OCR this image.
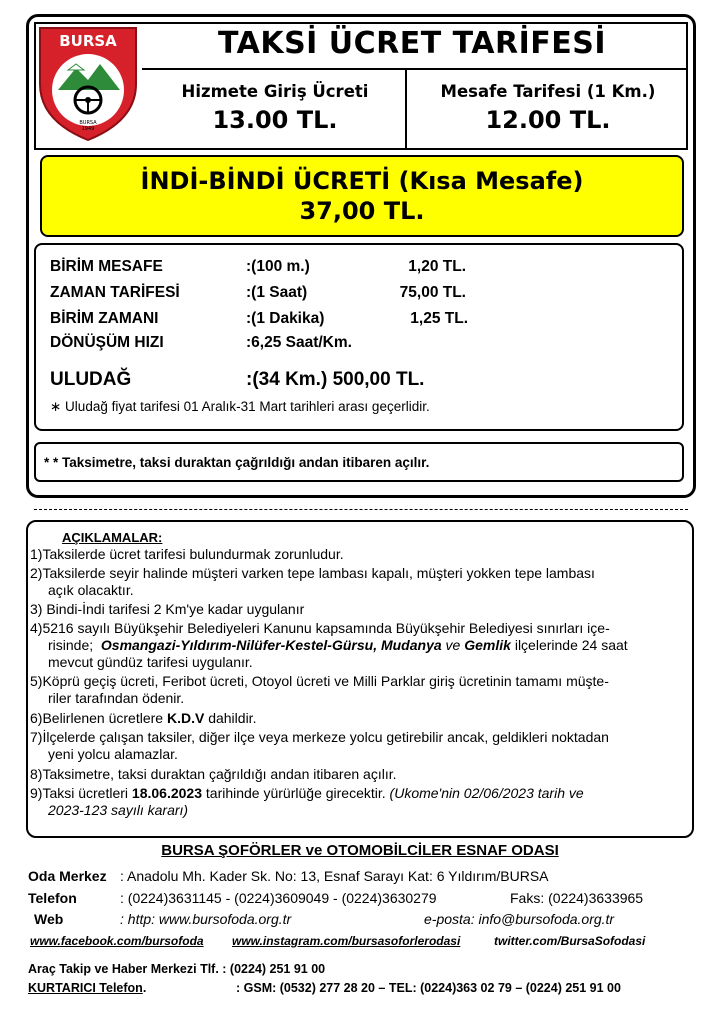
BURSA
BURSA
1949
TAKSİ ÜCRET TARİFESİ
Hizmete Giriş Ücreti
13.00 TL.
Mesafe Tarifesi (1 Km.)
12.00 TL.
İNDİ-BİNDİ ÜCRETİ (Kısa Mesafe)
37,00 TL.
BİRİM MESAFE	:(100 m.)	1,20 TL.
ZAMAN TARİFESİ	:(1 Saat)	75,00 TL.
BİRİM ZAMANI	:(1 Dakika)	1,25 TL.
DÖNÜŞÜM HIZI	:6,25 Saat/Km.
ULUDAĞ	:(34 Km.) 500,00 TL.
∗ Uludağ fiyat tarifesi 01 Aralık-31 Mart tarihleri arası geçerlidir.
* * Taksimetre, taksi duraktan çağrıldığı andan itibaren açılır.
AÇIKLAMALAR:
1)Taksilerde ücret tarifesi bulundurmak zorunludur.
2)Taksilerde seyir halinde müşteri varken tepe lambası kapalı, müşteri yokken tepe lambası
açık olacaktır.
3) Bindi-İndi tarifesi 2 Km'ye kadar uygulanır
4)5216 sayılı Büyükşehir Belediyeleri Kanunu kapsamında Büyükşehir Belediyesi sınırları içe-
risinde; Osmangazi-Yıldırım-Nilüfer-Kestel-Gürsu, Mudanya ve Gemlik ilçelerinde 24 saat
mevcut gündüz tarifesi uygulanır.
5)Köprü geçiş ücreti, Feribot ücreti, Otoyol ücreti ve Milli Parklar giriş ücretinin tamamı müşte-
riler tarafından ödenir.
6)Belirlenen ücretlere K.D.V dahildir.
7)İlçelerde çalışan taksiler, diğer ilçe veya merkeze yolcu getirebilir ancak, geldikleri noktadan
yeni yolcu alamazlar.
8)Taksimetre, taksi duraktan çağrıldığı andan itibaren açılır.
9)Taksi ücretleri 18.06.2023 tarihinde yürürlüğe girecektir. (Ukome'nin 02/06/2023 tarih ve
2023-123 sayılı kararı)
BURSA ŞOFÖRLER ve OTOMOBİLCİLER ESNAF ODASI
Oda Merkez : Anadolu Mh. Kader Sk. No: 13, Esnaf Sarayı Kat: 6 Yıldırım/BURSA
Telefon	: (0224)3631145 - (0224)3609049 - (0224)3630279	Faks: (0224)3633965
Web	: http: www.bursofoda.org.tr	e-posta: info@bursofoda.org.tr
www.facebook.com/bursofoda www.instagram.com/bursasoforlerodasi	twitter.com/BursaSofodasi
Araç Takip ve Haber Merkezi Tlf. : (0224) 251 91 00
KURTARICI Telefon.	: GSM: (0532) 277 28 20 – TEL: (0224)363 02 79 – (0224) 251 91 00
